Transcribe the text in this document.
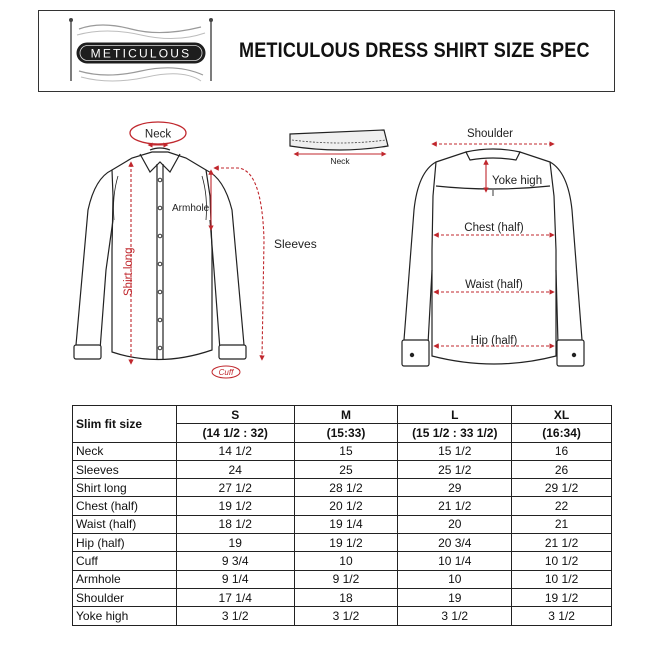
METICULOUS METICULOUS DRESS SHIRT SIZE SPEC
Neck
Shirt long
Armhole
Sleeves
Cuff
Neck
Shoulder
Yoke high
Chest (half)
Waist (half)
Hip (half)
Slim fit size	S	M	L	XL
	(14 1/2 : 32)	(15:33)	(15 1/2 : 33 1/2)	(16:34)
Neck	14 1/2	15	15 1/2	16
Sleeves	24	25	25 1/2	26
Shirt long	27 1/2	28 1/2	29	29 1/2
Chest (half)	19 1/2	20 1/2	21 1/2	22
Waist (half)	18 1/2	19 1/4	20	21
Hip (half)	19	19 1/2	20 3/4	21 1/2
Cuff	9 3/4	10	10 1/4	10 1/2
Armhole	9 1/4	9 1/2	10	10 1/2
Shoulder	17 1/4	18	19	19 1/2
Yoke high	3 1/2	3 1/2	3 1/2	3 1/2
